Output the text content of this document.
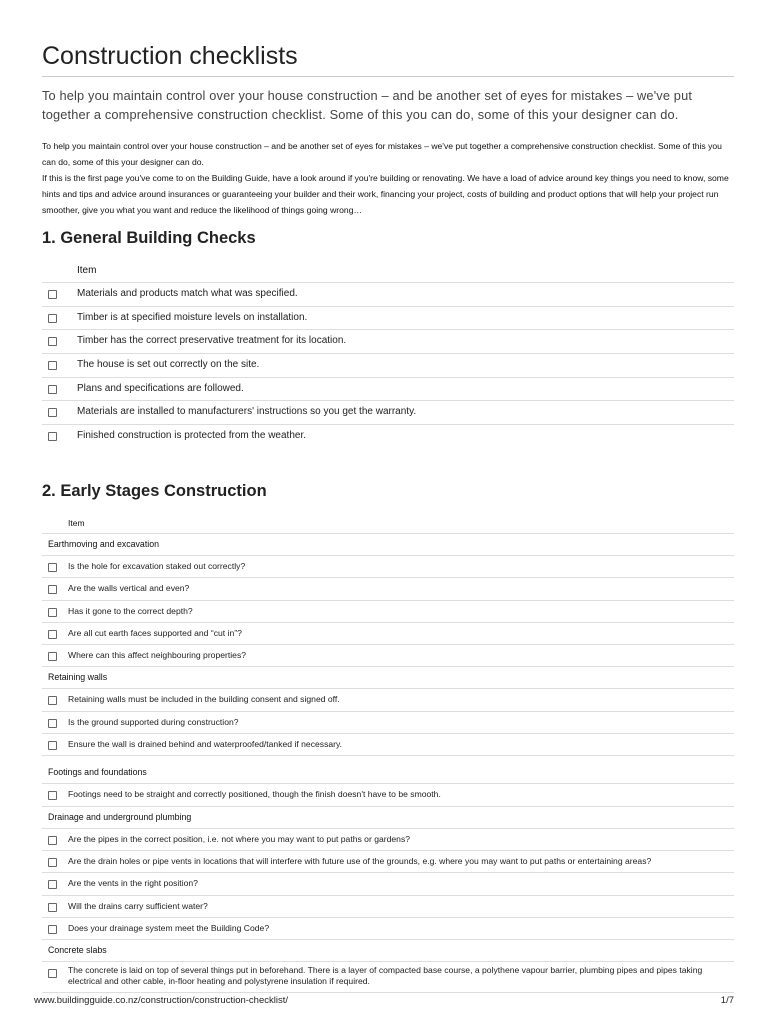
Construction checklists
To help you maintain control over your house construction – and be another set of eyes for mistakes – we've put together a comprehensive construction checklist. Some of this you can do, some of this your designer can do.

To help you maintain control over your house construction – and be another set of eyes for mistakes – we've put together a comprehensive construction checklist. Some of this you can do, some of this your designer can do.

If this is the first page you've come to on the Building Guide, have a look around if you're building or renovating. We have a load of advice around key things you need to know, some hints and tips and advice around insurances or guaranteeing your builder and their work, financing your project, costs of building and product options that will help your project run smoother, give you what you want and reduce the likelihood of things going wrong…

1. General Building Checks
Item
Materials and products match what was specified.
Timber is at specified moisture levels on installation.
Timber has the correct preservative treatment for its location.
The house is set out correctly on the site.
Plans and specifications are followed.
Materials are installed to manufacturers' instructions so you get the warranty.
Finished construction is protected from the weather.
2. Early Stages Construction
Item
Earthmoving and excavation
Is the hole for excavation staked out correctly?
Are the walls vertical and even?
Has it gone to the correct depth?
Are all cut earth faces supported and “cut in”?
Where can this affect neighbouring properties?
Retaining walls
Retaining walls must be included in the building consent and signed off.
Is the ground supported during construction?
Ensure the wall is drained behind and waterproofed/tanked if necessary.
Footings and foundations
Footings need to be straight and correctly positioned, though the finish doesn't have to be smooth.
Drainage and underground plumbing
Are the pipes in the correct position, i.e. not where you may want to put paths or gardens?
Are the drain holes or pipe vents in locations that will interfere with future use of the grounds, e.g. where you may want to put paths or entertaining areas?
Are the vents in the right position?
Will the drains carry sufficient water?
Does your drainage system meet the Building Code?
Concrete slabs
The concrete is laid on top of several things put in beforehand. There is a layer of compacted base course, a polythene vapour barrier, plumbing pipes and pipes taking electrical and other cable, in-floor heating and polystyrene insulation if required.
www.buildingguide.co.nz/construction/construction-checklist/	1/7
